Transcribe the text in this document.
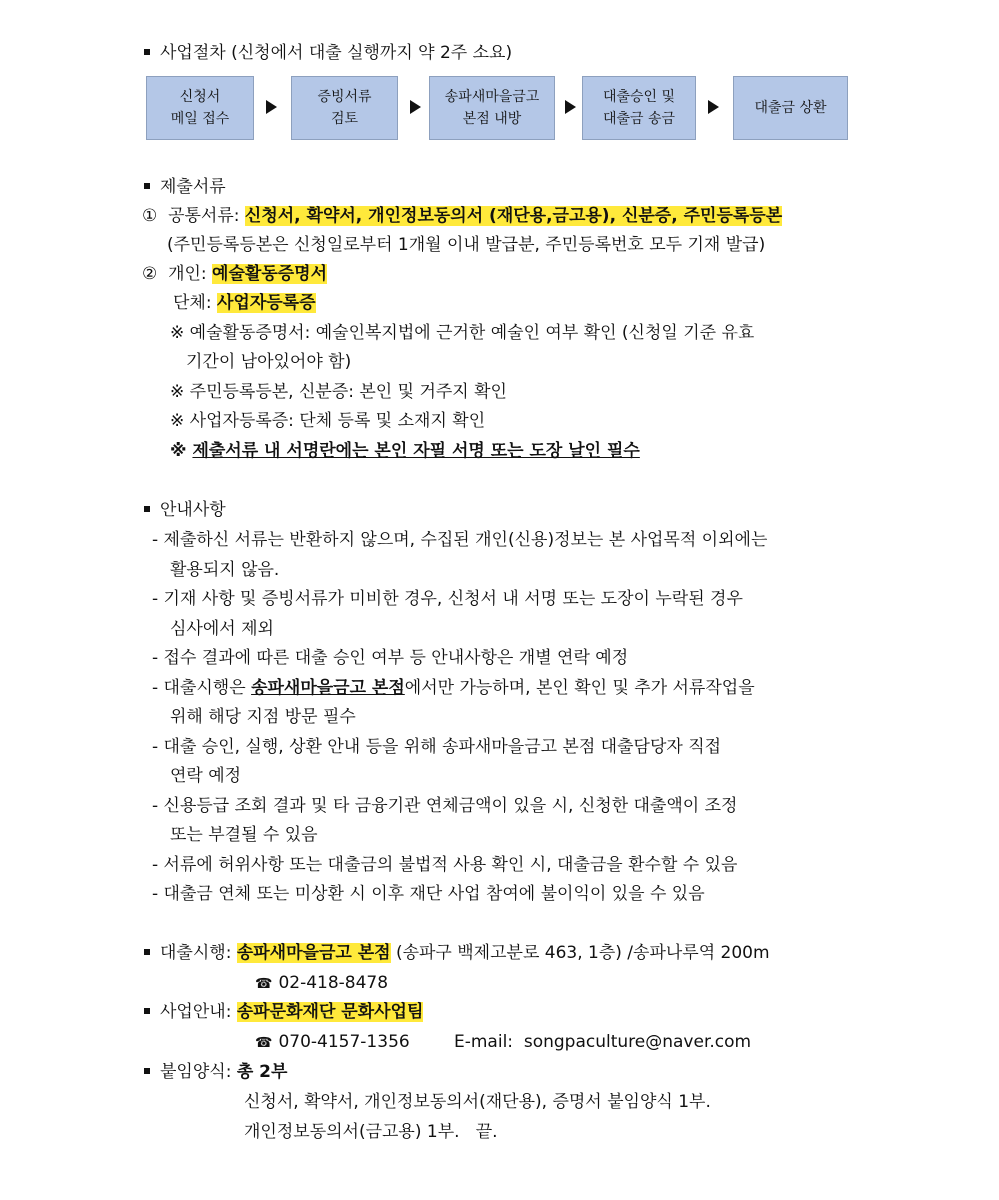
사업절차 (신청에서 대출 실행까지 약 2주 소요)
신청서
메일 접수
증빙서류
검토
송파새마을금고
본점 내방
대출승인 및
대출금 송금
대출금 상환
제출서류
① 공통서류: 신청서, 확약서, 개인정보동의서 (재단용,금고용), 신분증, 주민등록등본
(주민등록등본은 신청일로부터 1개월 이내 발급분, 주민등록번호 모두 기재 발급)
② 개인: 예술활동증명서
단체: 사업자등록증
※ 예술활동증명서: 예술인복지법에 근거한 예술인 여부 확인 (신청일 기준 유효
기간이 남아있어야 함)
※ 주민등록등본, 신분증: 본인 및 거주지 확인
※ 사업자등록증: 단체 등록 및 소재지 확인
※ 제출서류 내 서명란에는 본인 자필 서명 또는 도장 날인 필수
안내사항
- 제출하신 서류는 반환하지 않으며, 수집된 개인(신용)정보는 본 사업목적 이외에는
활용되지 않음.
- 기재 사항 및 증빙서류가 미비한 경우, 신청서 내 서명 또는 도장이 누락된 경우
심사에서 제외
- 접수 결과에 따른 대출 승인 여부 등 안내사항은 개별 연락 예정
- 대출시행은 송파새마을금고 본점에서만 가능하며, 본인 확인 및 추가 서류작업을
위해 해당 지점 방문 필수
- 대출 승인, 실행, 상환 안내 등을 위해 송파새마을금고 본점 대출담당자 직접
연락 예정
- 신용등급 조회 결과 및 타 금융기관 연체금액이 있을 시, 신청한 대출액이 조정
또는 부결될 수 있음
- 서류에 허위사항 또는 대출금의 불법적 사용 확인 시, 대출금을 환수할 수 있음
- 대출금 연체 또는 미상환 시 이후 재단 사업 참여에 불이익이 있을 수 있음
대출시행: 송파새마을금고 본점 (송파구 백제고분로 463, 1층) /송파나루역 200m
☎ 02-418-8478
사업안내: 송파문화재단 문화사업팀
☎ 070-4157-1356	E-mail: songpaculture@naver.com
붙임양식: 총 2부
신청서, 확약서, 개인정보동의서(재단용), 증명서 붙임양식 1부.
개인정보동의서(금고용) 1부.   끝.
